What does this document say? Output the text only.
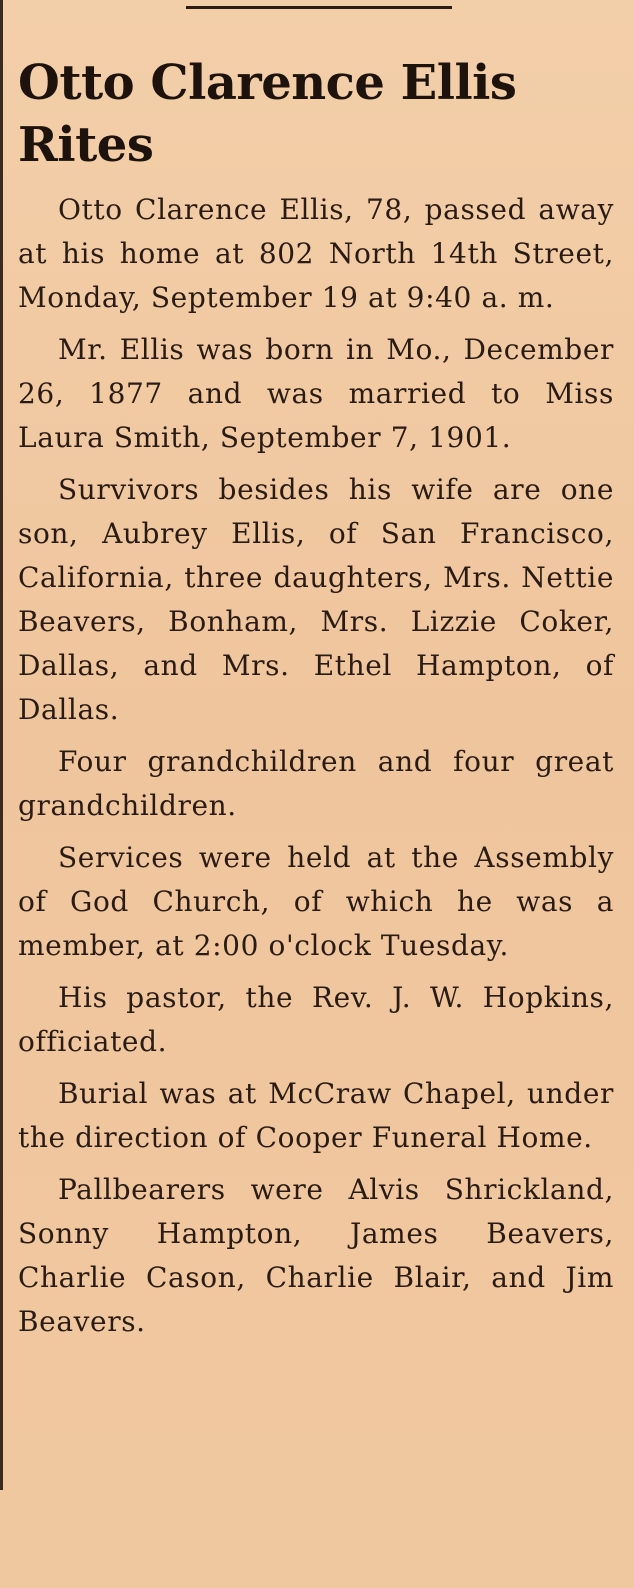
Otto Clarence Ellis Rites

Otto Clarence Ellis, 78, passed away at his home at 802 North 14th Street, Monday, September 19 at 9:40 a. m.

Mr. Ellis was born in Mo., December 26, 1877 and was married to Miss Laura Smith, September 7, 1901.

Survivors besides his wife are one son, Aubrey Ellis, of San Francisco, California, three daughters, Mrs. Nettie Beavers, Bonham, Mrs. Lizzie Coker, Dallas, and Mrs. Ethel Hampton, of Dallas.

Four grandchildren and four great grandchildren.

Services were held at the Assembly of God Church, of which he was a member, at 2:00 o'clock Tuesday.

His pastor, the Rev. J. W. Hopkins, officiated.

Burial was at McCraw Chapel, under the direction of Cooper Funeral Home.

Pallbearers were Alvis Shrickland, Sonny Hampton, James Beavers, Charlie Cason, Charlie Blair, and Jim Beavers.
